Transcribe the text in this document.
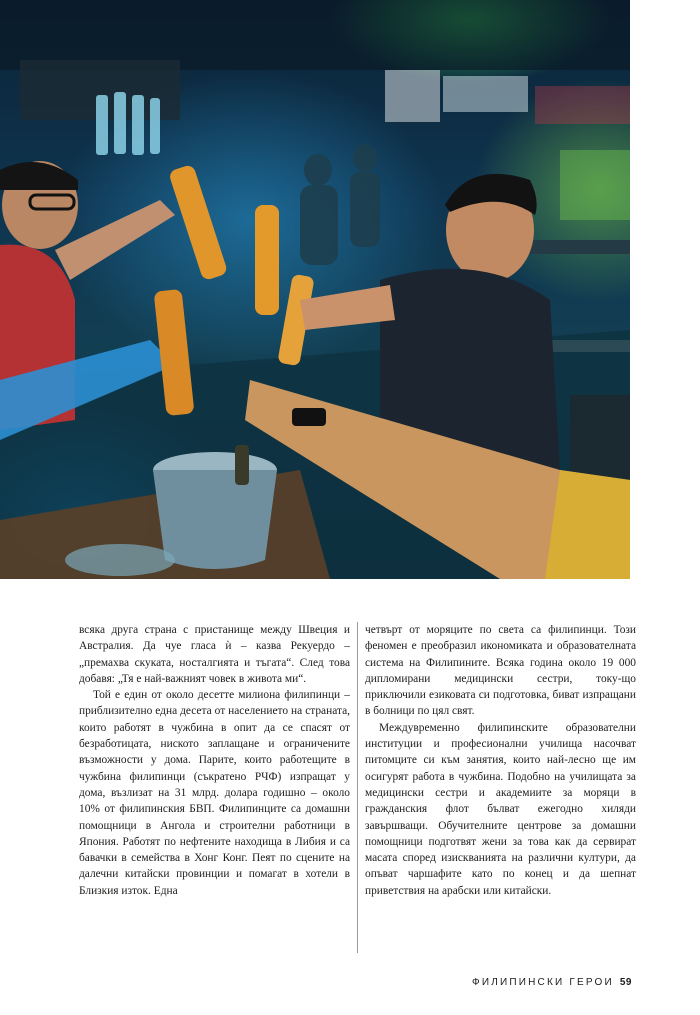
всяка друга страна с пристанище между Швеция и Австралия. Да чуе гласа ѝ – казва Рекуердо – „премахва скуката, носталгията и тъгата“. След това добавя: „Тя е най-важният човек в живота ми“.

Той е един от около десетте милиона филипинци – приблизително една десета от населението на страната, които работят в чужбина в опит да се спасят от безработицата, ниското заплащане и ограничените възможности у дома. Парите, които работещите в чужбина филипинци (съкратено РЧФ) изпращат у дома, възлизат на 31 млрд. долара годишно – около 10% от филипинския БВП. Филипинците са домашни помощници в Ангола и строителни работници в Япония. Работят по нефтените находища в Либия и са бавачки в семейства в Хонг Конг. Пеят по сцените на далечни китайски провинции и помагат в хотели в Близкия изток. Една

четвърт от моряците по света са филипинци. Този феномен е преобразил икономиката и образователната система на Филипините. Всяка година около 19 000 дипломирани медицински сестри, току-що приключили езиковата си подготовка, биват изпращани в болници по цял свят.

Междувременно филипинските образователни институции и професионални училища насочват питомците си към занятия, които най-лесно ще им осигурят работа в чужбина. Подобно на училищата за медицински сестри и академиите за моряци в гражданския флот бълват ежегодно хиляди завършващи. Обучителните центрове за домашни помощници подготвят жени за това как да сервират масата според изискванията на различни култури, да опъват чаршафите като по конец и да шепнат приветствия на арабски или китайски.

ФИЛИПИНСКИ ГЕРОИ 59
